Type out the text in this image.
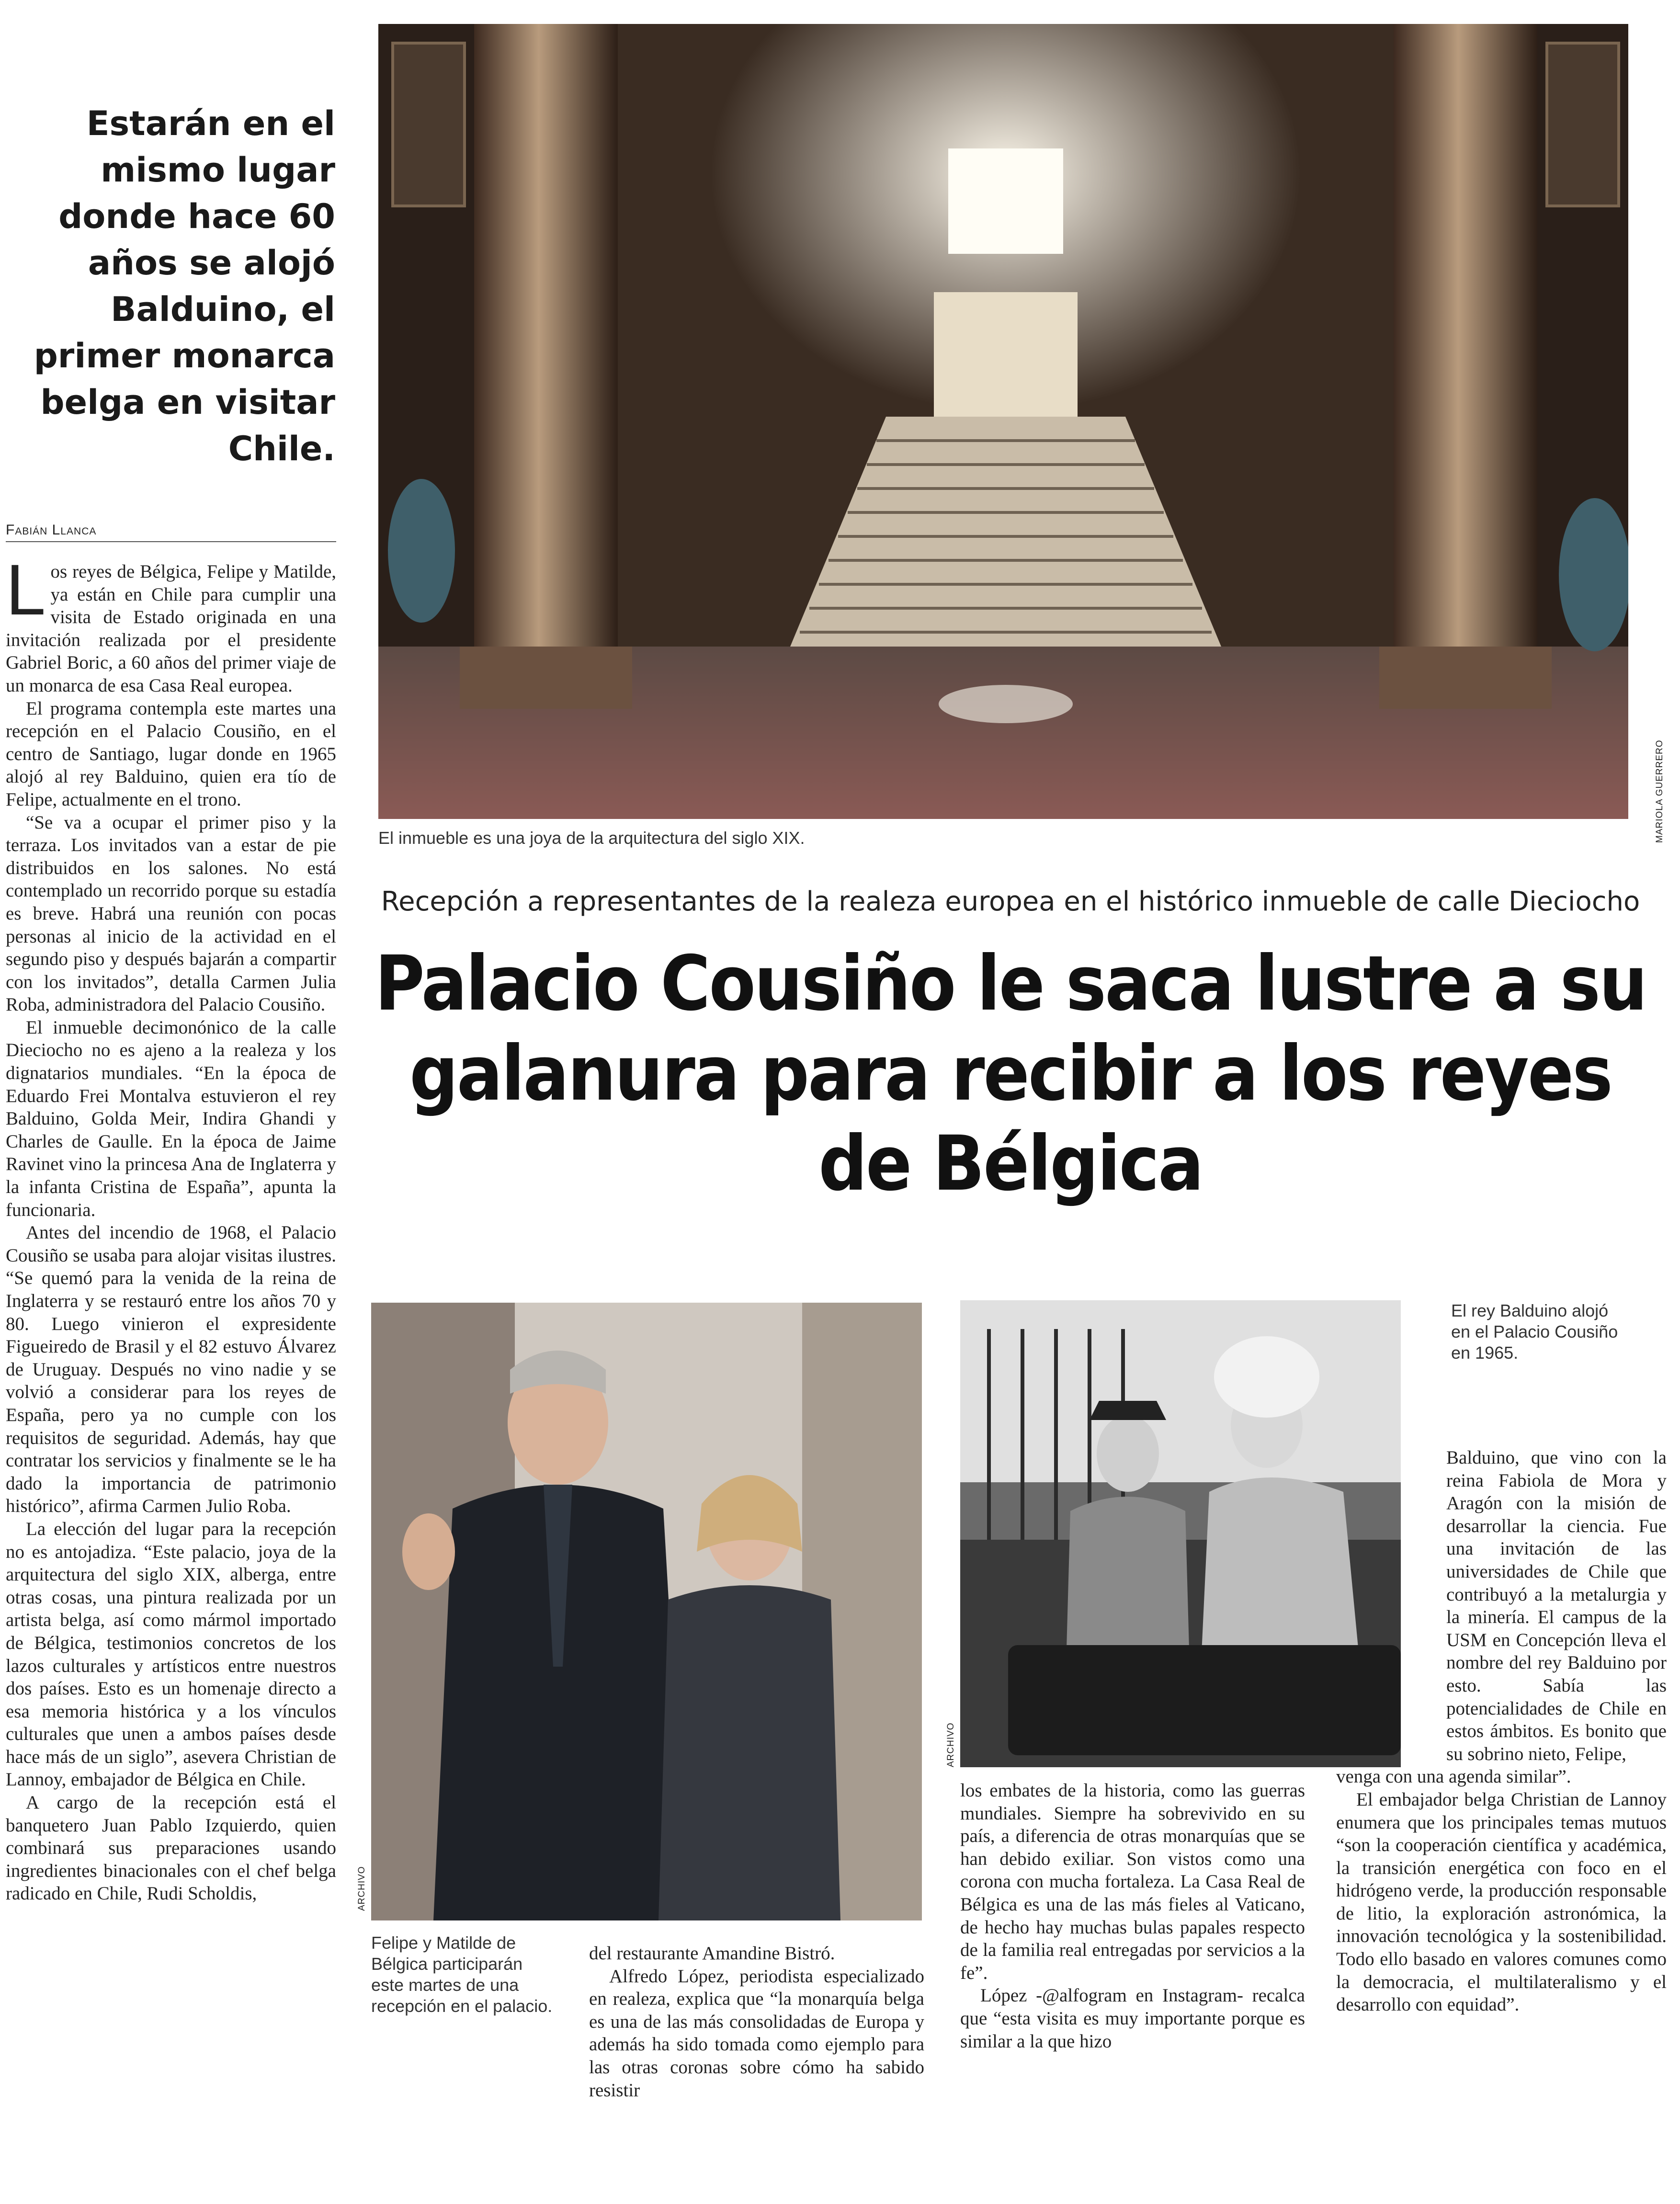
Estarán en el mismo lugar donde hace 60 años se alojó Balduino, el primer monarca belga en visitar Chile.
Fabián Llanca

Los reyes de Bélgica, Felipe y Matilde, ya están en Chile para cumplir una visita de Estado originada en una invitación realizada por el presidente Gabriel Boric, a 60 años del primer viaje de un monarca de esa Casa Real europea.

El programa contempla este martes una recepción en el Palacio Cousiño, en el centro de Santiago, lugar donde en 1965 alojó al rey Balduino, quien era tío de Felipe, actualmente en el trono.

“Se va a ocupar el primer piso y la terraza. Los invitados van a estar de pie distribuidos en los salones. No está contemplado un recorrido porque su estadía es breve. Habrá una reunión con pocas personas al inicio de la actividad en el segundo piso y después bajarán a compartir con los invitados”, detalla Carmen Julia Roba, administradora del Palacio Cousiño.

El inmueble decimonónico de la calle Dieciocho no es ajeno a la realeza y los dignatarios mundiales. “En la época de Eduardo Frei Montalva estuvieron el rey Balduino, Golda Meir, Indira Ghandi y Charles de Gaulle. En la época de Jaime Ravinet vino la princesa Ana de Inglaterra y la infanta Cristina de España”, apunta la funcionaria.

Antes del incendio de 1968, el Palacio Cousiño se usaba para alojar visitas ilustres. “Se quemó para la venida de la reina de Inglaterra y se restauró entre los años 70 y 80. Luego vinieron el expresidente Figueiredo de Brasil y el 82 estuvo Álvarez de Uruguay. Después no vino nadie y se volvió a considerar para los reyes de España, pero ya no cumple con los requisitos de seguridad. Además, hay que contratar los servicios y finalmente se le ha dado la importancia de patrimonio histórico”, afirma Carmen Julio Roba.

La elección del lugar para la recepción no es antojadiza. “Este palacio, joya de la arquitectura del siglo XIX, alberga, entre otras cosas, una pintura realizada por un artista belga, así como mármol importado de Bélgica, testimonios concretos de los lazos culturales y artísticos entre nuestros dos países. Esto es un homenaje directo a esa memoria histórica y a los vínculos culturales que unen a ambos países desde hace más de un siglo”, asevera Christian de Lannoy, embajador de Bélgica en Chile.

A cargo de la recepción está el banquetero Juan Pablo Izquierdo, quien combinará sus preparaciones usando ingredientes binacionales con el chef belga radicado en Chile, Rudi Scholdis,

MARIOLA GUERRERO
El inmueble es una joya de la arquitectura del siglo XIX.
Recepción a representantes de la realeza europea en el histórico inmueble de calle Dieciocho
Palacio Cousiño le saca lustre a su galanura para recibir a los reyes de Bélgica
ARCHIVO
Felipe y Matilde de Bélgica participarán este martes de una recepción en el palacio.
ARCHIVO
El rey Balduino alojó en el Palacio Cousiño en 1965.

del restaurante Amandine Bistró.

Alfredo López, periodista especializado en realeza, explica que “la monarquía belga es una de las más consolidadas de Europa y además ha sido tomada como ejemplo para las otras coronas sobre cómo ha sabido resistir

los embates de la historia, como las guerras mundiales. Siempre ha sobrevivido en su país, a diferencia de otras monarquías que se han debido exiliar. Son vistos como una corona con mucha fortaleza. La Casa Real de Bélgica es una de las más fieles al Vaticano, de hecho hay muchas bulas papales respecto de la familia real entregadas por servicios a la fe”.

López -@alfogram en Instagram- recalca que “esta visita es muy importante porque es similar a la que hizo

Balduino, que vino con la reina Fabiola de Mora y Aragón con la misión de desarrollar la ciencia. Fue una invitación de las universidades de Chile que contribuyó a la metalurgia y la minería. El campus de la USM en Concepción lleva el nombre del rey Balduino por esto. Sabía las potencialidades de Chile en estos ámbitos. Es bonito que su sobrino nieto, Felipe,

venga con una agenda similar”.

El embajador belga Christian de Lannoy enumera que los principales temas mutuos “son la cooperación científica y académica, la transición energética con foco en el hidrógeno verde, la producción responsable de litio, la exploración astronómica, la innovación tecnológica y la sostenibilidad. Todo ello basado en valores comunes como la democracia, el multilateralismo y el desarrollo con equidad”.
